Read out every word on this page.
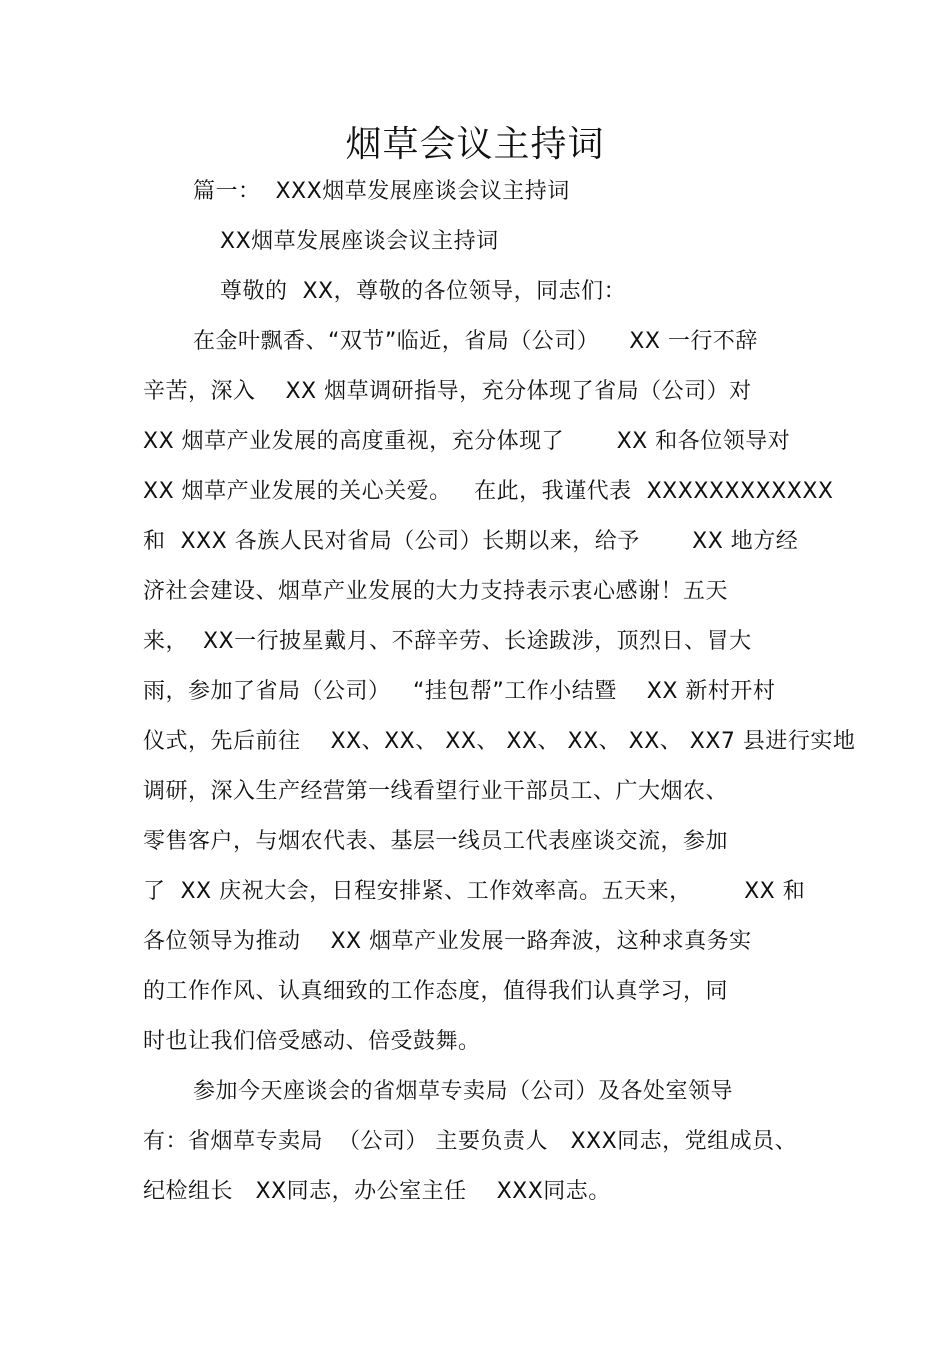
烟草会议主持词
篇一：  XXX烟草发展座谈会议主持词
XX烟草发展座谈会议主持词
尊敬的  XX，尊敬的各位领导，同志们：
在金叶飘香、“双节”临近，省局（公司）    XX 一行不辞
辛苦，深入    XX 烟草调研指导，充分体现了省局（公司）对
XX 烟草产业发展的高度重视，充分体现了       XX 和各位领导对
XX 烟草产业发展的关心关爱。   在此，我谨代表  XXXXXXXXXXXX
和  XXX 各族人民对省局（公司）长期以来，给予       XX 地方经
济社会建设、烟草产业发展的大力支持表示衷心感谢！五天
来，  XX一行披星戴月、不辞辛劳、长途跋涉，顶烈日、冒大
雨，参加了省局（公司）   “挂包帮”工作小结暨    XX 新村开村
仪式，先后前往    XX、XX、 XX、 XX、 XX、 XX、 XX7 县进行实地
调研，深入生产经营第一线看望行业干部员工、广大烟农、
零售客户，与烟农代表、基层一线员工代表座谈交流，参加
了  XX 庆祝大会，日程安排紧、工作效率高。五天来，       XX 和
各位领导为推动    XX 烟草产业发展一路奔波，这种求真务实
的工作作风、认真细致的工作态度，值得我们认真学习，同
时也让我们倍受感动、倍受鼓舞。
参加今天座谈会的省烟草专卖局（公司）及各处室领导
有：省烟草专卖局  （公司） 主要负责人   XXX同志，党组成员、
纪检组长   XX同志，办公室主任    XXX同志。
